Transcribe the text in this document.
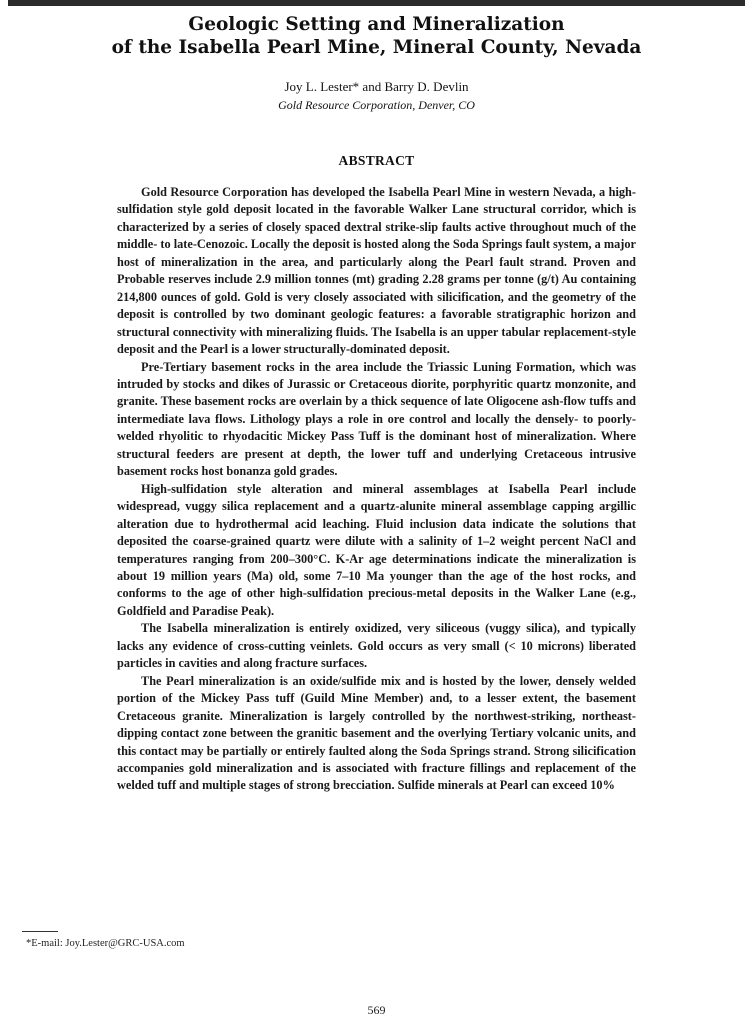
Geologic Setting and Mineralization
of the Isabella Pearl Mine, Mineral County, Nevada
Joy L. Lester* and Barry D. Devlin
Gold Resource Corporation, Denver, CO
ABSTRACT

Gold Resource Corporation has developed the Isabella Pearl Mine in western Nevada, a high-sulfidation style gold deposit located in the favorable Walker Lane structural corridor, which is characterized by a series of closely spaced dextral strike-slip faults active throughout much of the middle- to late-Cenozoic. Locally the deposit is hosted along the Soda Springs fault system, a major host of mineralization in the area, and particularly along the Pearl fault strand. Proven and Probable reserves include 2.9 million tonnes (mt) grading 2.28 grams per tonne (g/t) Au containing 214,800 ounces of gold. Gold is very closely associated with silicification, and the geometry of the deposit is controlled by two dominant geologic features: a favorable stratigraphic horizon and structural connectivity with mineralizing fluids. The Isabella is an upper tabular replacement-style deposit and the Pearl is a lower structurally-dominated deposit.

Pre-Tertiary basement rocks in the area include the Triassic Luning Formation, which was intruded by stocks and dikes of Jurassic or Cretaceous diorite, porphyritic quartz monzonite, and granite. These basement rocks are overlain by a thick sequence of late Oligocene ash-flow tuffs and intermediate lava flows. Lithology plays a role in ore control and locally the densely- to poorly-welded rhyolitic to rhyodacitic Mickey Pass Tuff is the dominant host of mineralization. Where structural feeders are present at depth, the lower tuff and underlying Cretaceous intrusive basement rocks host bonanza gold grades.

High-sulfidation style alteration and mineral assemblages at Isabella Pearl include widespread, vuggy silica replacement and a quartz-alunite mineral assemblage capping argillic alteration due to hydrothermal acid leaching. Fluid inclusion data indicate the solutions that deposited the coarse-grained quartz were dilute with a salinity of 1–2 weight percent NaCl and temperatures ranging from 200–300°C. K-Ar age determinations indicate the mineralization is about 19 million years (Ma) old, some 7–10 Ma younger than the age of the host rocks, and conforms to the age of other high-sulfidation precious-metal deposits in the Walker Lane (e.g., Goldfield and Paradise Peak).

The Isabella mineralization is entirely oxidized, very siliceous (vuggy silica), and typically lacks any evidence of cross-cutting veinlets. Gold occurs as very small (< 10 microns) liberated particles in cavities and along fracture surfaces.

The Pearl mineralization is an oxide/sulfide mix and is hosted by the lower, densely welded portion of the Mickey Pass tuff (Guild Mine Member) and, to a lesser extent, the basement Cretaceous granite. Mineralization is largely controlled by the northwest-striking, northeast-dipping contact zone between the granitic basement and the overlying Tertiary volcanic units, and this contact may be partially or entirely faulted along the Soda Springs strand. Strong silicification accompanies gold mineralization and is associated with fracture fillings and replacement of the welded tuff and multiple stages of strong brecciation. Sulfide minerals at Pearl can exceed 10%

*E-mail: Joy.Lester@GRC-USA.com
569
